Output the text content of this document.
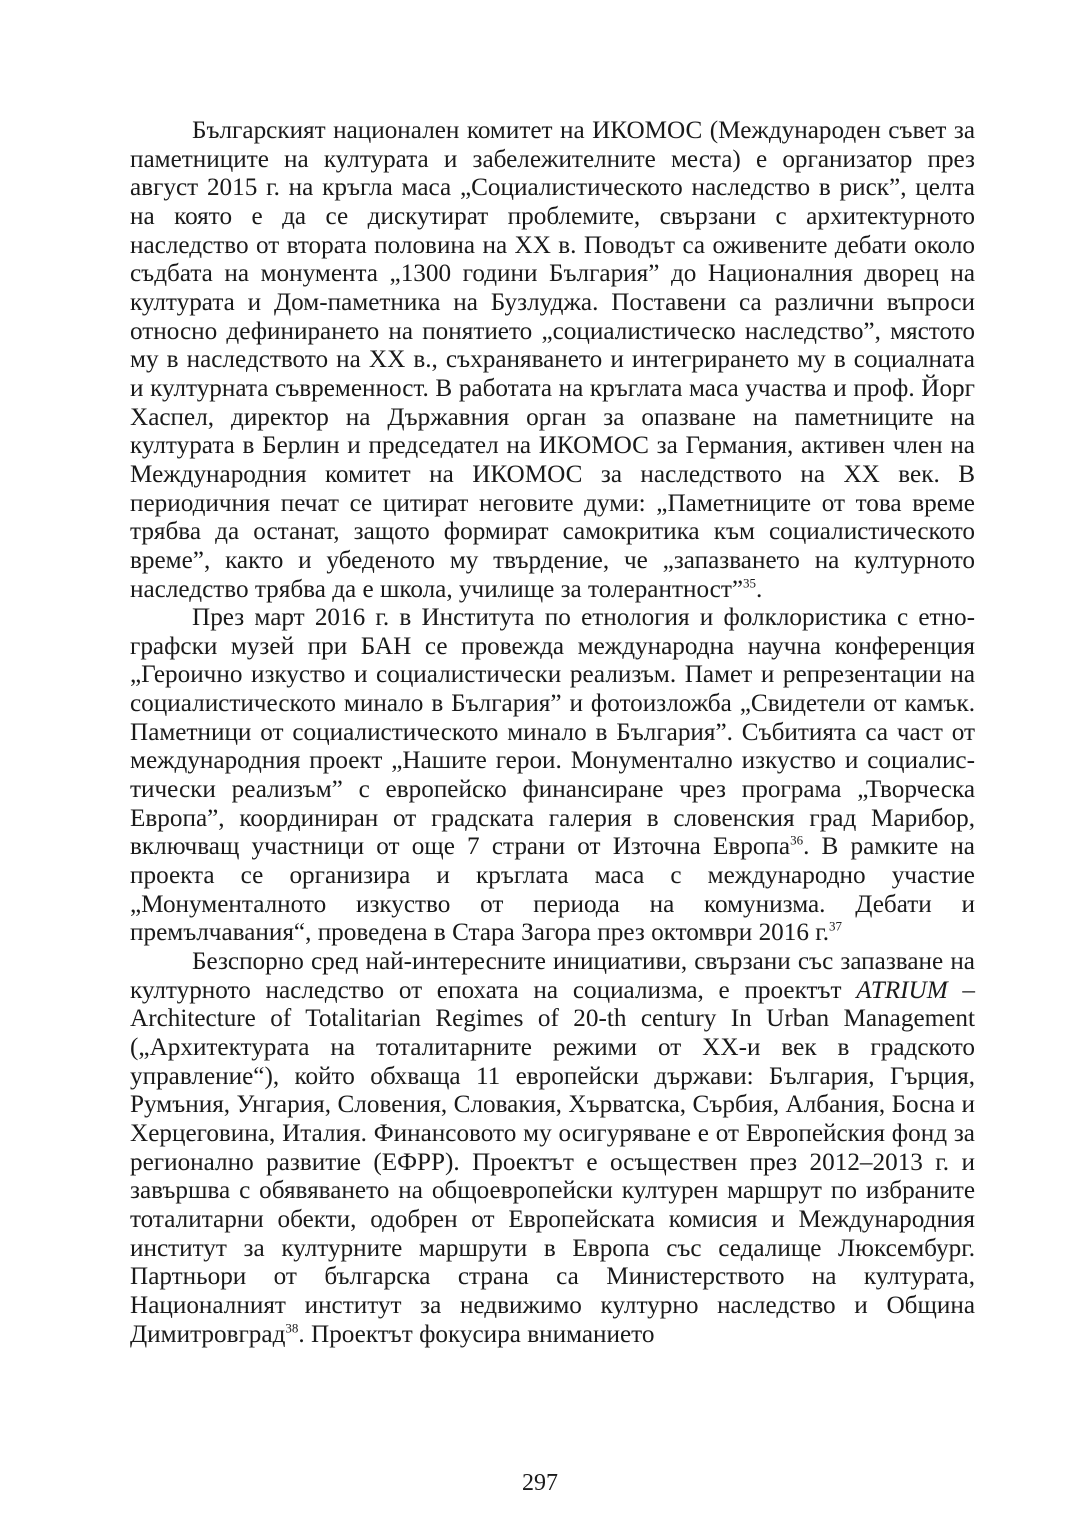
Българският национален комитет на ИКОМОС (Международен съвет за паметниците на културата и забележителните места) е организатор през август 2015 г. на кръгла маса „Социалистическото наследство в риск”, целта на която е да се дискутират проблемите, свързани с архитектурното наследство от втората половина на ХХ в. Поводът са оживените дебати около съдбата на монумента „1300 години България” до Националния дворец на културата и Дом-паметника на Бузлуджа. Поставени са различни въпроси относно дефинирането на понятието „социалистическо наследство”, мястото му в наследството на ХХ в., съхраняването и интегрирането му в социалната и културната съвременност. В работата на кръглата маса участва и проф. Йорг Хаспел, директор на Държавния орган за опазване на паметниците на културата в Берлин и председател на ИКОМОС за Германия, активен член на Международния комитет на ИКОМОС за наследството на ХХ век. В периодичния печат се цитират неговите думи: „Паметниците от това време трябва да останат, защото формират самокритика към социалистическото време”, както и убеденото му твърдение, че „запазването на културното наследство трябва да е школа, училище за толерантност”$^{35}$.

През март 2016 г. в Института по етнология и фолклористика с етнографски музей при БАН се провежда международна научна конференция „Героично изкуство и социалистически реализъм. Памет и репрезентации на социалистическото минало в България” и фотоизложба „Свидетели от камък. Паметници от социалистическото минало в България”. Събитията са част от международния проект „Нашите герои. Монументално изкуство и социалистически реализъм” с европейско финансиране чрез програма „Творческа Европа”, координиран от градската галерия в словенския град Марибор, включващ участници от още 7 страни от Източна Европа$^{36}$. В рамките на проекта се организира и кръглата маса с международно участие „Монументалното изкуство от периода на комунизма. Дебати и премълчавания“, проведена в Стара Загора през октомври 2016 г.$^{37}$

Безспорно сред най-интересните инициативи, свързани със запазване на културното наследство от епохата на социализма, е проектът ATRIUM – Architecture of Totalitarian Regimes of 20-th century In Urban Management („Архитектурата на тоталитарните режими от ХХ-и век в градското управление“), който обхваща 11 европейски държави: България, Гърция, Румъния, Унгария, Словения, Словакия, Хърватска, Сърбия, Албания, Босна и Херцеговина, Италия. Финансовото му осигуряване е от Европейския фонд за регионално развитие (ЕФРР). Проектът е осъществен през 2012–2013 г. и завършва с обявяването на общоевропейски културен маршрут по избраните тоталитарни обекти, одобрен от Европейската комисия и Международния институт за културните маршрути в Европа със седалище Люксембург. Партньори от българска страна са Министерството на културата, Националният институт за недвижимо културно наследство и Община Димитровград$^{38}$. Проектът фокусира вниманието

297
